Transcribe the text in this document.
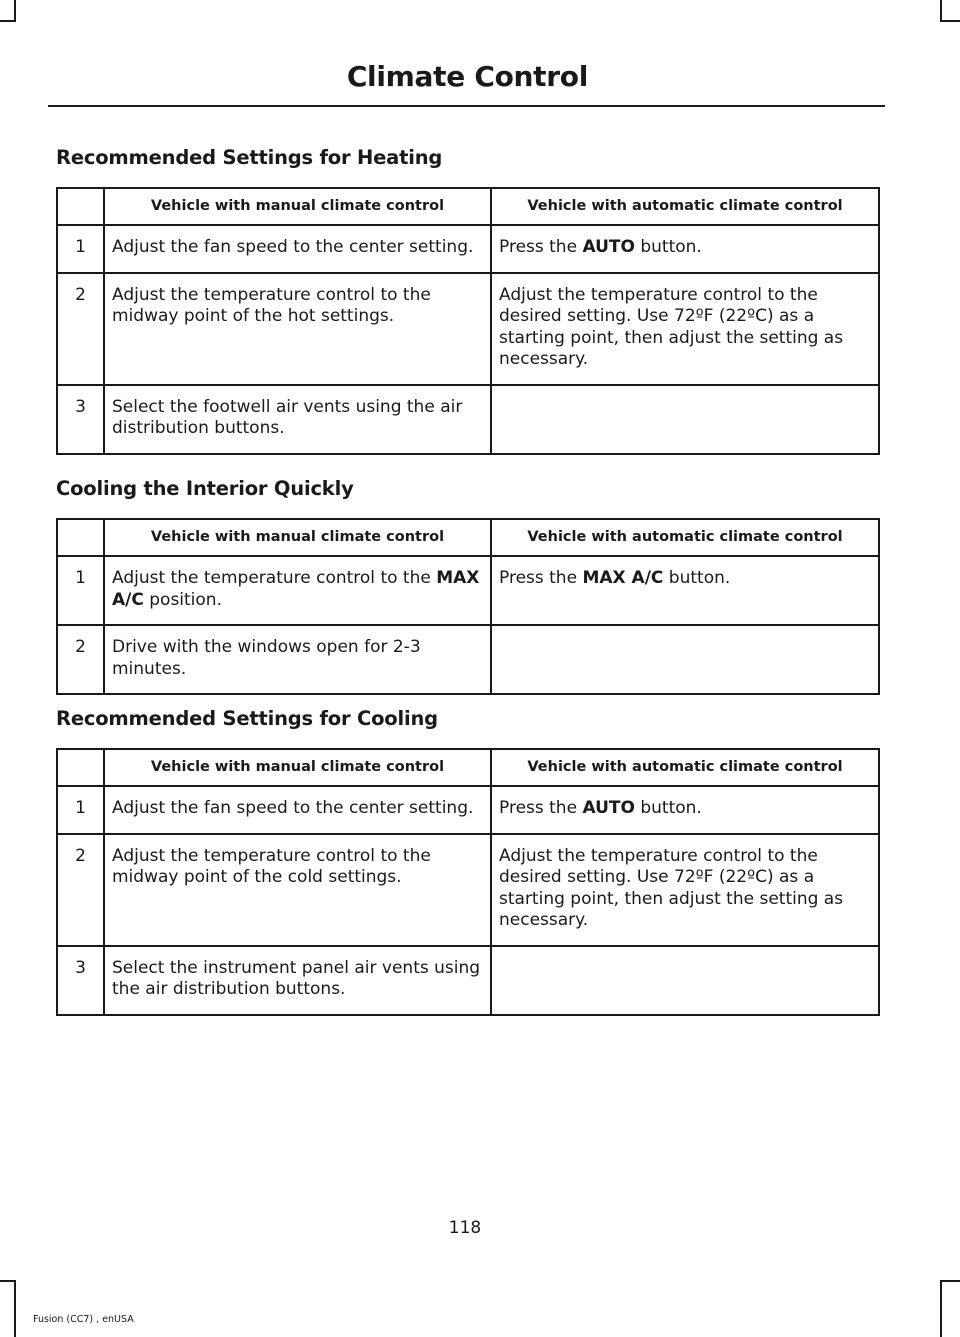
Climate Control
Recommended Settings for Heating
	Vehicle with manual climate control	Vehicle with automatic climate control
1	Adjust the fan speed to the center setting.	Press the AUTO button.
2	Adjust the temperature control to the midway point of the hot settings.	Adjust the temperature control to the desired setting. Use 72ºF (22ºC) as a starting point, then adjust the setting as necessary.
3	Select the footwell air vents using the air distribution buttons.	
Cooling the Interior Quickly
	Vehicle with manual climate control	Vehicle with automatic climate control
1	Adjust the temperature control to the MAX A/C position.	Press the MAX A/C button.
2	Drive with the windows open for 2-3 minutes.	
Recommended Settings for Cooling
	Vehicle with manual climate control	Vehicle with automatic climate control
1	Adjust the fan speed to the center setting.	Press the AUTO button.
2	Adjust the temperature control to the midway point of the cold settings.	Adjust the temperature control to the desired setting. Use 72ºF (22ºC) as a starting point, then adjust the setting as necessary.
3	Select the instrument panel air vents using the air distribution buttons.	
118
Fusion (CC7) , enUSA
